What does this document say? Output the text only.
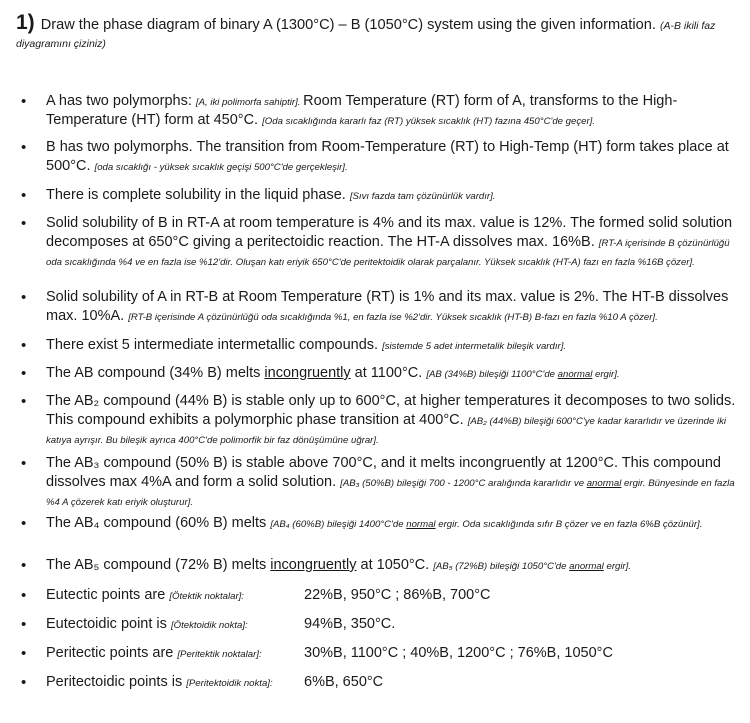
1) Draw the phase diagram of binary A (1300°C) – B (1050°C) system using the given information. (A-B ikili faz diyagramını çiziniz)
• A has two polymorphs: [A, iki polimorfa sahiptir]. Room Temperature (RT) form of A, transforms to the High-Temperature (HT) form at 450°C. [Oda sıcaklığında kararlı faz (RT) yüksek sıcaklık (HT) fazına 450°C'de geçer].
• B has two polymorphs. The transition from Room-Temperature (RT) to High-Temp (HT) form takes place at 500°C. [oda sıcaklığı - yüksek sıcaklık geçişi 500°C'de gerçekleşir].
• There is complete solubility in the liquid phase. [Sıvı fazda tam çözünürlük vardır].
• Solid solubility of B in RT-A at room temperature is 4% and its max. value is 12%. The formed solid solution decomposes at 650°C giving a peritectoidic reaction. The HT-A dissolves max. 16%B. [RT-A içerisinde B çözünürlüğü oda sıcaklığında %4 ve en fazla ise %12'dir. Oluşan katı eriyik 650°C'de peritektoidik olarak parçalanır. Yüksek sıcaklık (HT-A) fazı en fazla %16B çözer].
• Solid solubility of A in RT-B at Room Temperature (RT) is 1% and its max. value is 2%. The HT-B dissolves max. 10%A. [RT-B içerisinde A çözünürlüğü oda sıcaklığında %1, en fazla ise %2'dir. Yüksek sıcaklık (HT-B) B-fazı en fazla %10 A çözer].
• There exist 5 intermediate intermetallic compounds. [sistemde 5 adet intermetalik bileşik vardır].
• The AB compound (34% B) melts incongruently at 1100°C. [AB (34%B) bileşiği 1100°C'de anormal ergir].
• The AB₂ compound (44% B) is stable only up to 600°C, at higher temperatures it decomposes to two solids. This compound exhibits a polymorphic phase transition at 400°C. [AB₂ (44%B) bileşiği 600°C'ye kadar kararlıdır ve üzerinde iki katıya ayrışır. Bu bileşik ayrıca 400°C'de polimorfik bir faz dönüşümüne uğrar].
• The AB₃ compound (50% B) is stable above 700°C, and it melts incongruently at 1200°C. This compound dissolves max 4%A and form a solid solution. [AB₃ (50%B) bileşiği 700 - 1200°C aralığında kararlıdır ve anormal ergir. Bünyesinde en fazla %4 A çözerek katı eriyik oluşturur].
• The AB₄ compound (60% B) melts [AB₄ (60%B) bileşiği 1400°C'de normal ergir. Oda sıcaklığında sıfır B çözer ve en fazla 6%B çözünür].
• The AB₅ compound (72% B) melts incongruently at 1050°C. [AB₅ (72%B) bileşiği 1050°C'de anormal ergir].
• Eutectic points are [Ötektik noktalar]:	22%B, 950°C ; 86%B, 700°C
• Eutectoidic point is [Ötektoidik nokta]:	94%B, 350°C.
• Peritectic points are [Peritektik noktalar]:	30%B, 1100°C ; 40%B, 1200°C ; 76%B, 1050°C
• Peritectoidic points is [Peritektoidik nokta]: 6%B, 650°C
